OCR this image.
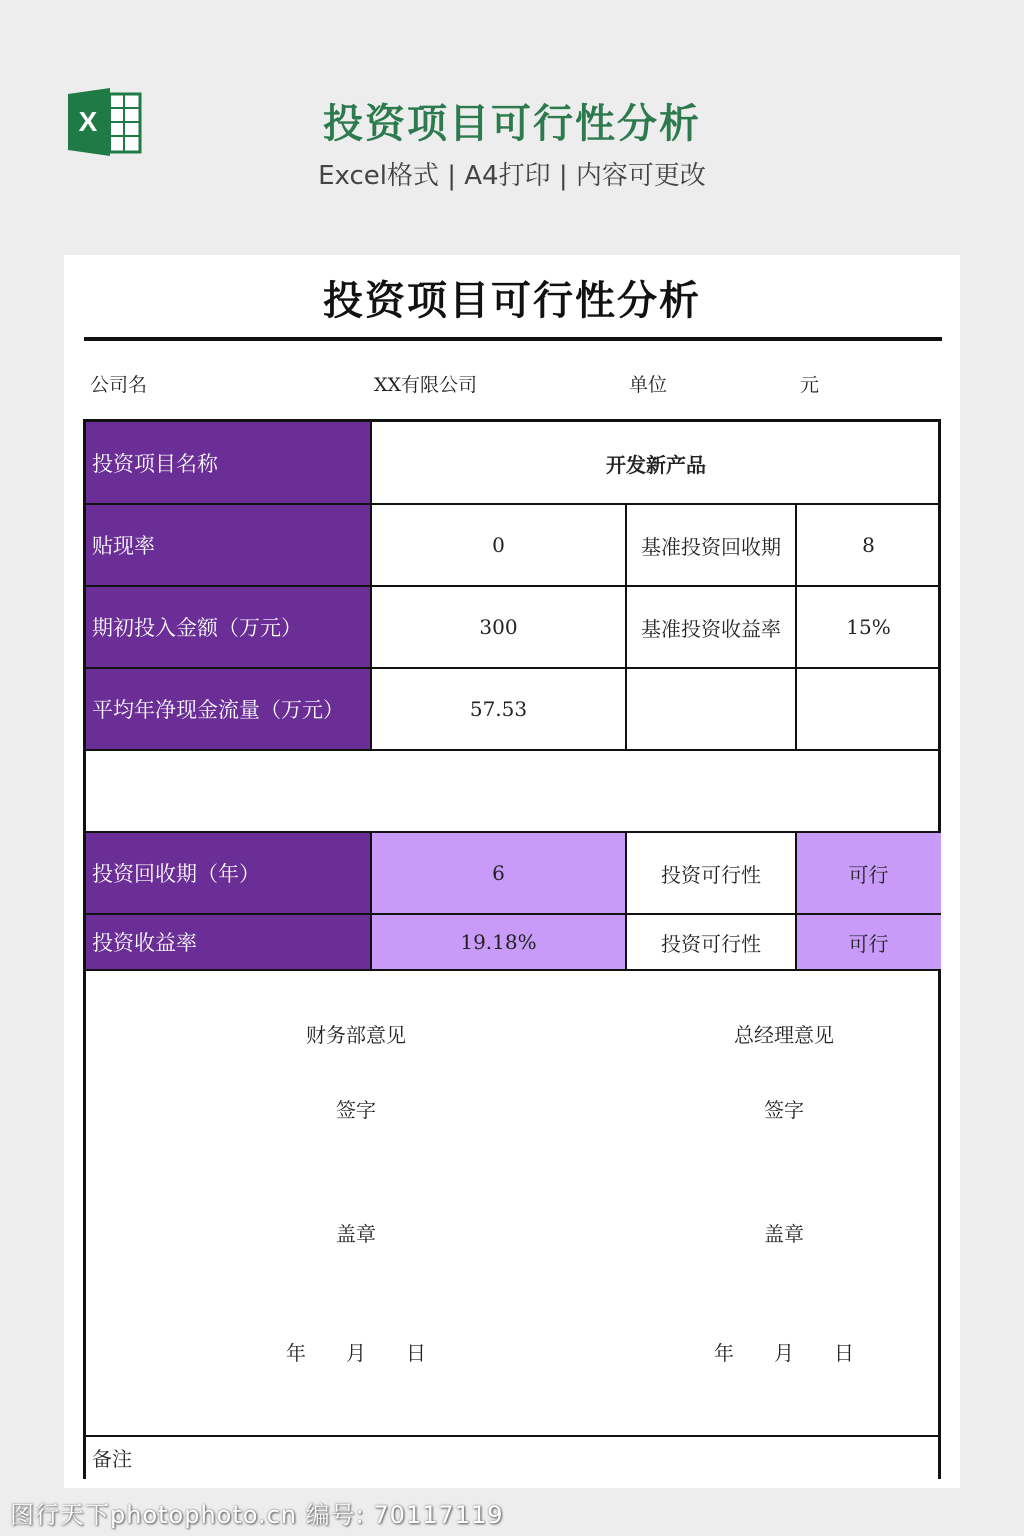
X	投资项目可行性分析
Excel格式 | A4打印 | 内容可更改
投资项目可行性分析
公司名	XX有限公司	单位	元
投资项目名称	开发新产品
贴现率	0	基准投资回收期	8
期初投入金额（万元）	300	基准投资收益率	15%
平均年净现金流量（万元）	57.53
投资回收期（年）	6	投资可行性	可行
投资收益率	19.18%	投资可行性	可行
财务部意见
签字
盖章
年　　月　　日
总经理意见
签字
盖章
年　　月　　日
备注
图行天下photophoto.cn 编号: 70117119
